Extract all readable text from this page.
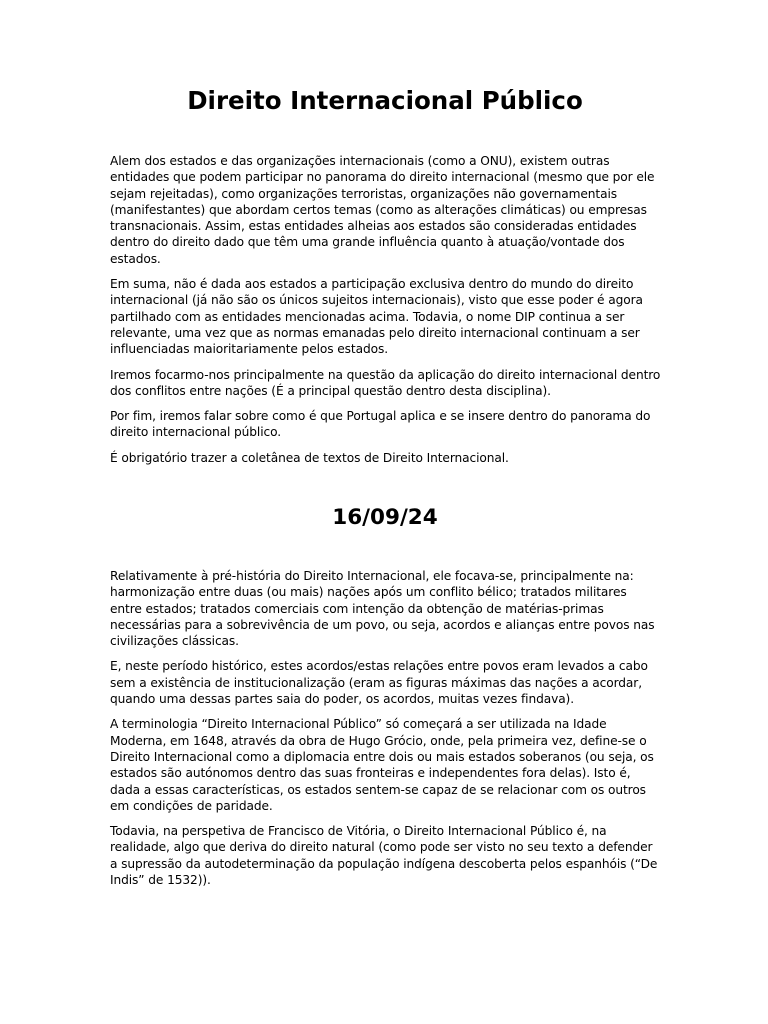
Direito Internacional Público

Alem dos estados e das organizações internacionais (como a ONU), existem outras entidades que podem participar no panorama do direito internacional (mesmo que por ele sejam rejeitadas), como organizações terroristas, organizações não governamentais (manifestantes) que abordam certos temas (como as alterações climáticas) ou empresas transnacionais. Assim, estas entidades alheias aos estados são consideradas entidades dentro do direito dado que têm uma grande influência quanto à atuação/vontade dos estados.

Em suma, não é dada aos estados a participação exclusiva dentro do mundo do direito internacional (já não são os únicos sujeitos internacionais), visto que esse poder é agora partilhado com as entidades mencionadas acima. Todavia, o nome DIP continua a ser relevante, uma vez que as normas emanadas pelo direito internacional continuam a ser influenciadas maioritariamente pelos estados.

Iremos focarmo-nos principalmente na questão da aplicação do direito internacional dentro dos conflitos entre nações (É a principal questão dentro desta disciplina).

Por fim, iremos falar sobre como é que Portugal aplica e se insere dentro do panorama do direito internacional público.

É obrigatório trazer a coletânea de textos de Direito Internacional.

16/09/24

Relativamente à pré-história do Direito Internacional, ele focava-se, principalmente na: harmonização entre duas (ou mais) nações após um conflito bélico; tratados militares entre estados; tratados comerciais com intenção da obtenção de matérias-primas necessárias para a sobrevivência de um povo, ou seja, acordos e alianças entre povos nas civilizações clássicas.

E, neste período histórico, estes acordos/estas relações entre povos eram levados a cabo sem a existência de institucionalização (eram as figuras máximas das nações a acordar, quando uma dessas partes saia do poder, os acordos, muitas vezes findava).

A terminologia “Direito Internacional Público” só começará a ser utilizada na Idade Moderna, em 1648, através da obra de Hugo Grócio, onde, pela primeira vez, define-se o Direito Internacional como a diplomacia entre dois ou mais estados soberanos (ou seja, os estados são autónomos dentro das suas fronteiras e independentes fora delas). Isto é, dada a essas características, os estados sentem-se capaz de se relacionar com os outros em condições de paridade.

Todavia, na perspetiva de Francisco de Vitória, o Direito Internacional Público é, na realidade, algo que deriva do direito natural (como pode ser visto no seu texto a defender a supressão da autodeterminação da população indígena descoberta pelos espanhóis (“De Indis” de 1532)).
